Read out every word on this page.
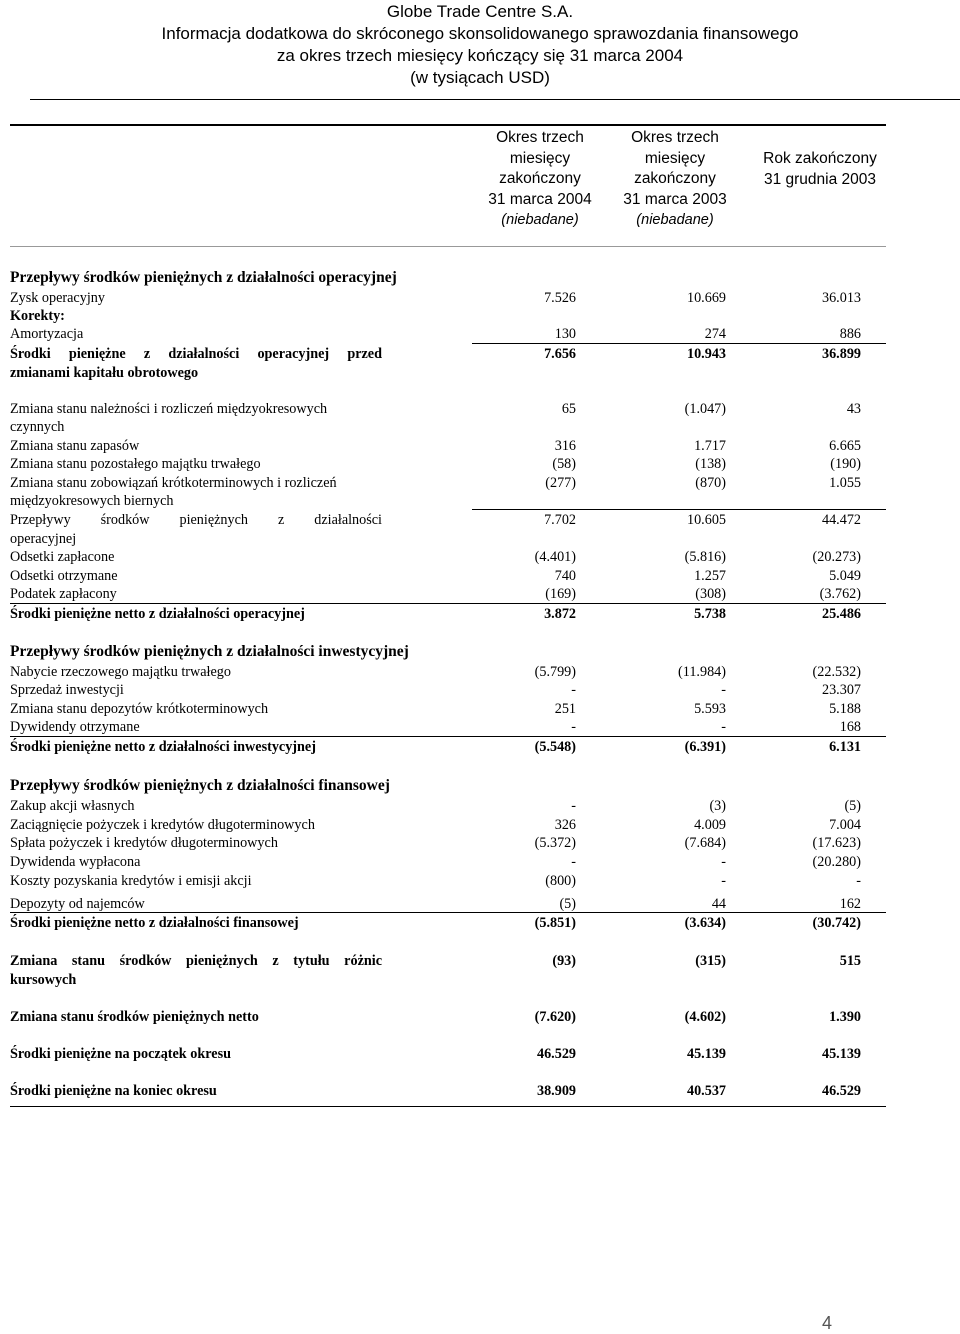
Globe Trade Centre S.A.
Informacja dodatkowa do skróconego skonsolidowanego sprawozdania finansowego
za okres trzech miesięcy kończący się 31 marca 2004
(w tysiącach USD)
Okres trzech
miesięcy
zakończony
31 marca 2004
(niebadane)
Okres trzech
miesięcy
zakończony
31 marca 2003
(niebadane)
Rok zakończony
31 grudnia 2003
Przepływy środków pieniężnych z działalności operacyjnej
Zysk operacyjny	7.526	10.669	36.013
Korekty:
Amortyzacja	130	274	886
Środki pieniężne z działalności operacyjnej przed	7.656	10.943	36.899
zmianami kapitału obrotowego
Zmiana stanu należności i rozliczeń międzyokresowych	65	(1.047)	43
czynnych
Zmiana stanu zapasów	316	1.717	6.665
Zmiana stanu pozostałego majątku trwałego	(58)	(138)	(190)
Zmiana stanu zobowiązań krótkoterminowych i rozliczeń	(277)	(870)	1.055
międzyokresowych biernych
Przepływy środków pieniężnych z działalności	7.702	10.605	44.472
operacyjnej
Odsetki zapłacone	(4.401)	(5.816)	(20.273)
Odsetki otrzymane	740	1.257	5.049
Podatek zapłacony	(169)	(308)	(3.762)
Środki pieniężne netto z działalności operacyjnej	3.872	5.738	25.486
Przepływy środków pieniężnych z działalności inwestycyjnej
Nabycie rzeczowego majątku trwałego	(5.799)	(11.984)	(22.532)
Sprzedaż inwestycji	-	-	23.307
Zmiana stanu depozytów krótkoterminowych	251	5.593	5.188
Dywidendy otrzymane	-	-	168
Środki pieniężne netto z działalności inwestycyjnej	(5.548)	(6.391)	6.131
Przepływy środków pieniężnych z działalności finansowej
Zakup akcji własnych	-	(3)	(5)
Zaciągnięcie pożyczek i kredytów długoterminowych	326	4.009	7.004
Spłata pożyczek i kredytów długoterminowych	(5.372)	(7.684)	(17.623)
Dywidenda wypłacona	-	-	(20.280)
Koszty pozyskania kredytów i emisji akcji	(800)	-	-
Depozyty od najemców	(5)	44	162
Środki pieniężne netto z działalności finansowej	(5.851)	(3.634)	(30.742)
Zmiana stanu środków pieniężnych z tytułu różnic	(93)	(315)	515
kursowych
Zmiana stanu środków pieniężnych netto	(7.620)	(4.602)	1.390
Środki pieniężne na początek okresu	46.529	45.139	45.139
Środki pieniężne na koniec okresu	38.909	40.537	46.529
4
